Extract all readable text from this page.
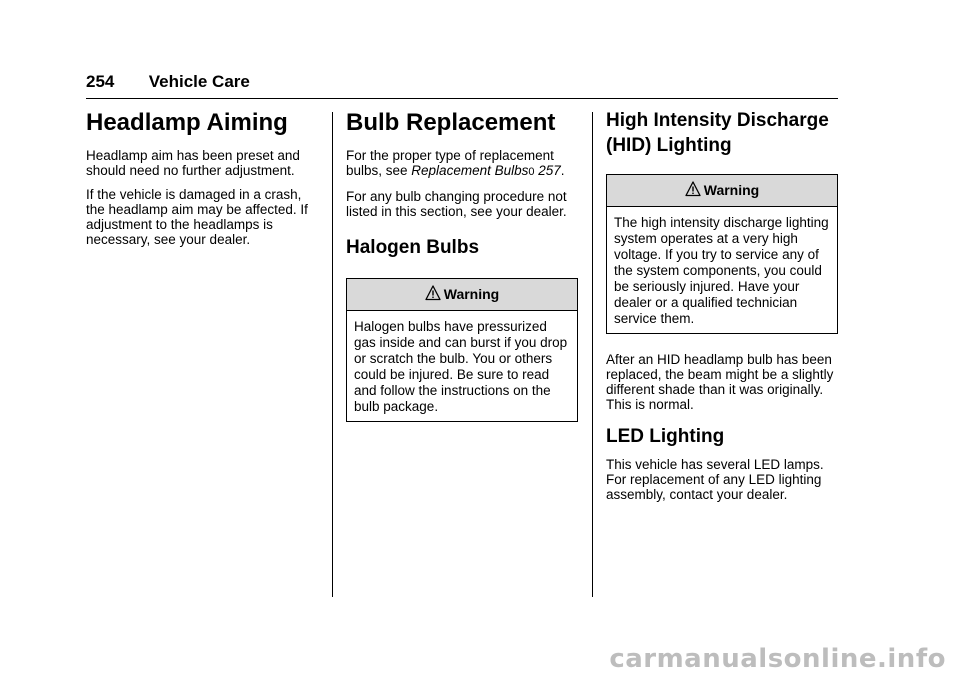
254 Vehicle Care
Headlamp Aiming

Headlamp aim has been preset and should need no further adjustment.

If the vehicle is damaged in a crash, the headlamp aim may be affected. If adjustment to the headlamps is necessary, see your dealer.

Bulb Replacement

For the proper type of replacement bulbs, see Replacement Bulbs0 257.

For any bulb changing procedure not listed in this section, see your dealer.

Halogen Bulbs
Warning
Halogen bulbs have pressurized gas inside and can burst if you drop or scratch the bulb. You or others could be injured. Be sure to read and follow the instructions on the bulb package.
High Intensity Discharge (HID) Lighting
Warning
The high intensity discharge lighting system operates at a very high voltage. If you try to service any of the system components, you could be seriously injured. Have your dealer or a qualified technician service them.

After an HID headlamp bulb has been replaced, the beam might be a slightly different shade than it was originally. This is normal.

LED Lighting

This vehicle has several LED lamps. For replacement of any LED lighting assembly, contact your dealer.

carmanualsonline.info
